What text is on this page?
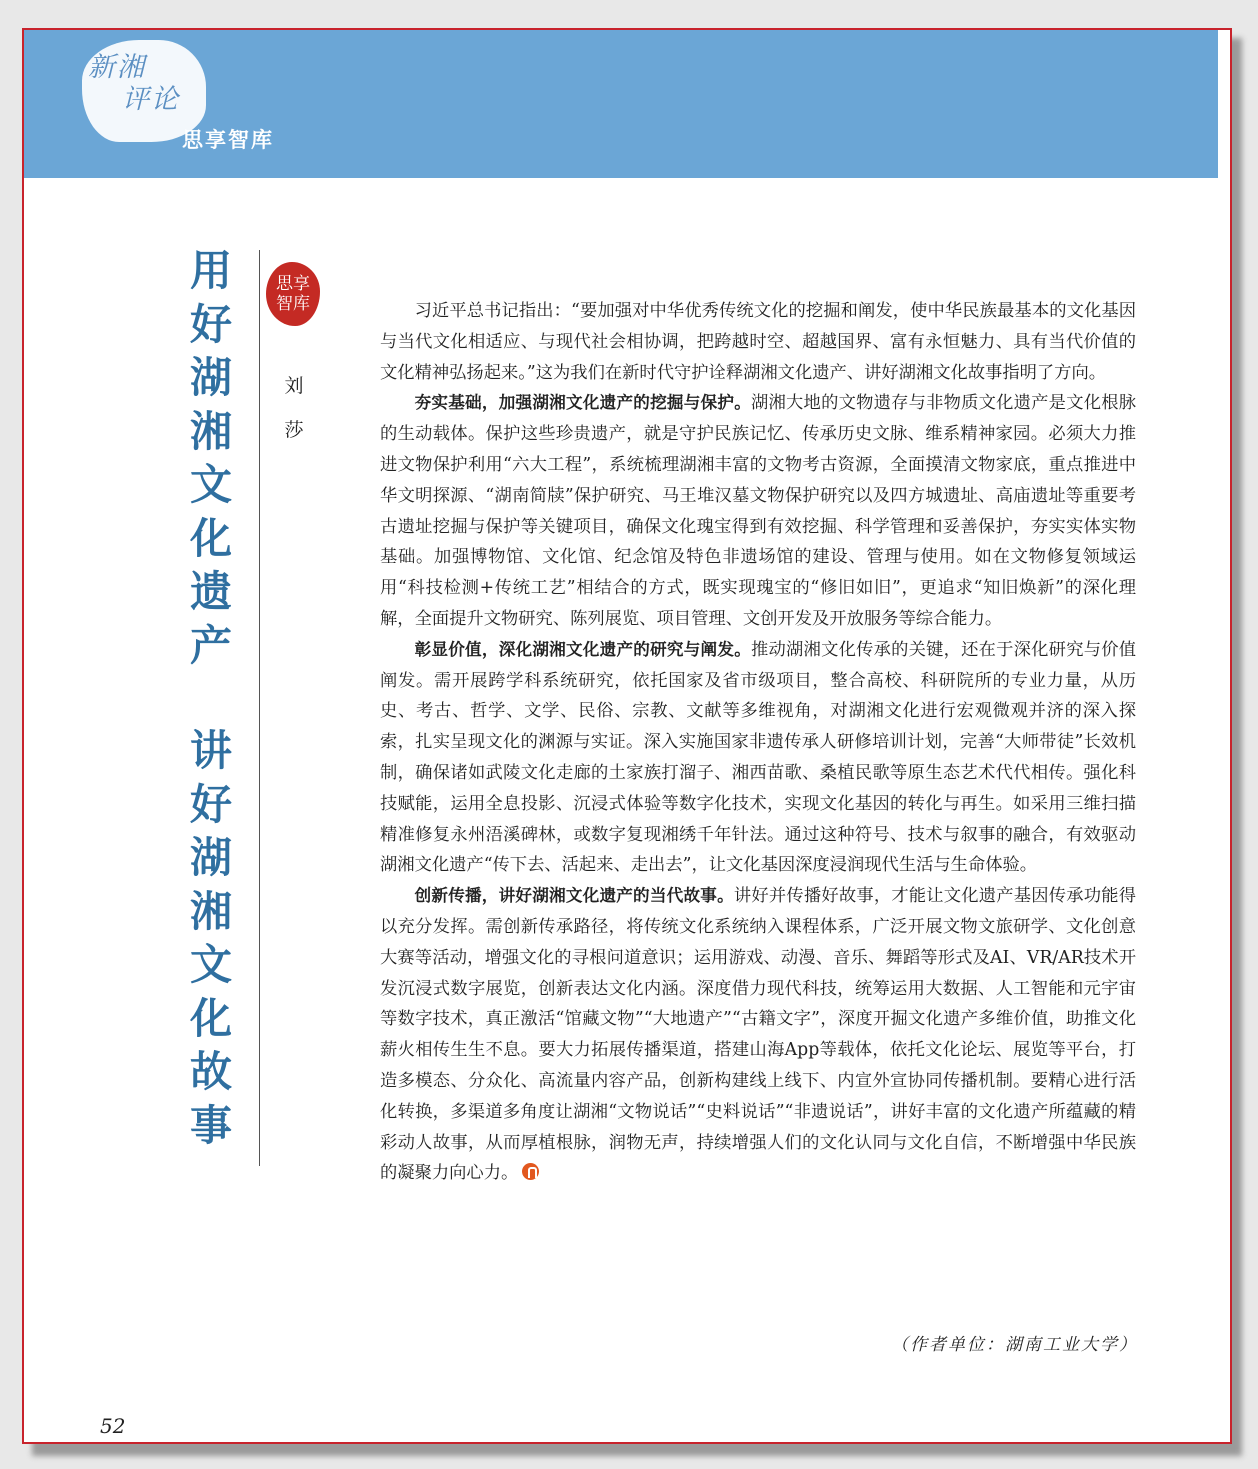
新湘
评论
思享智库
用
好
湖
湘
文
化
遗
产
讲
好
湖
湘
文
化
故
事
思享
智库
刘
莎

习近平总书记指出：“要加强对中华优秀传统文化的挖掘和阐发，使中华民族最基本的文化基因与当代文化相适应、与现代社会相协调，把跨越时空、超越国界、富有永恒魅力、具有当代价值的文化精神弘扬起来。”这为我们在新时代守护诠释湖湘文化遗产、讲好湖湘文化故事指明了方向。

夯实基础，加强湖湘文化遗产的挖掘与保护。湖湘大地的文物遗存与非物质文化遗产是文化根脉的生动载体。保护这些珍贵遗产，就是守护民族记忆、传承历史文脉、维系精神家园。必须大力推进文物保护利用“六大工程”，系统梳理湖湘丰富的文物考古资源，全面摸清文物家底，重点推进中华文明探源、“湖南简牍”保护研究、马王堆汉墓文物保护研究以及四方城遗址、高庙遗址等重要考古遗址挖掘与保护等关键项目，确保文化瑰宝得到有效挖掘、科学管理和妥善保护，夯实实体实物基础。加强博物馆、文化馆、纪念馆及特色非遗场馆的建设、管理与使用。如在文物修复领域运用“科技检测+传统工艺”相结合的方式，既实现瑰宝的“修旧如旧”，更追求“知旧焕新”的深化理解，全面提升文物研究、陈列展览、项目管理、文创开发及开放服务等综合能力。

彰显价值，深化湖湘文化遗产的研究与阐发。推动湖湘文化传承的关键，还在于深化研究与价值阐发。需开展跨学科系统研究，依托国家及省市级项目，整合高校、科研院所的专业力量，从历史、考古、哲学、文学、民俗、宗教、文献等多维视角，对湖湘文化进行宏观微观并济的深入探索，扎实呈现文化的渊源与实证。深入实施国家非遗传承人研修培训计划，完善“大师带徒”长效机制，确保诸如武陵文化走廊的土家族打溜子、湘西苗歌、桑植民歌等原生态艺术代代相传。强化科技赋能，运用全息投影、沉浸式体验等数字化技术，实现文化基因的转化与再生。如采用三维扫描精准修复永州浯溪碑林，或数字复现湘绣千年针法。通过这种符号、技术与叙事的融合，有效驱动湖湘文化遗产“传下去、活起来、走出去”，让文化基因深度浸润现代生活与生命体验。

创新传播，讲好湖湘文化遗产的当代故事。讲好并传播好故事，才能让文化遗产基因传承功能得以充分发挥。需创新传承路径，将传统文化系统纳入课程体系，广泛开展文物文旅研学、文化创意大赛等活动，增强文化的寻根问道意识；运用游戏、动漫、音乐、舞蹈等形式及AI、VR/AR技术开发沉浸式数字展览，创新表达文化内涵。深度借力现代科技，统筹运用大数据、人工智能和元宇宙等数字技术，真正激活“馆藏文物”“大地遗产”“古籍文字”，深度开掘文化遗产多维价值，助推文化薪火相传生生不息。要大力拓展传播渠道，搭建山海App等载体，依托文化论坛、展览等平台，打造多模态、分众化、高流量内容产品，创新构建线上线下、内宣外宣协同传播机制。要精心进行活化转换，多渠道多角度让湖湘“文物说话”“史料说话”“非遗说话”，讲好丰富的文化遗产所蕴藏的精彩动人故事，从而厚植根脉，润物无声，持续增强人们的文化认同与文化自信，不断增强中华民族的凝聚力向心力。

（作者单位：湖南工业大学）
52
